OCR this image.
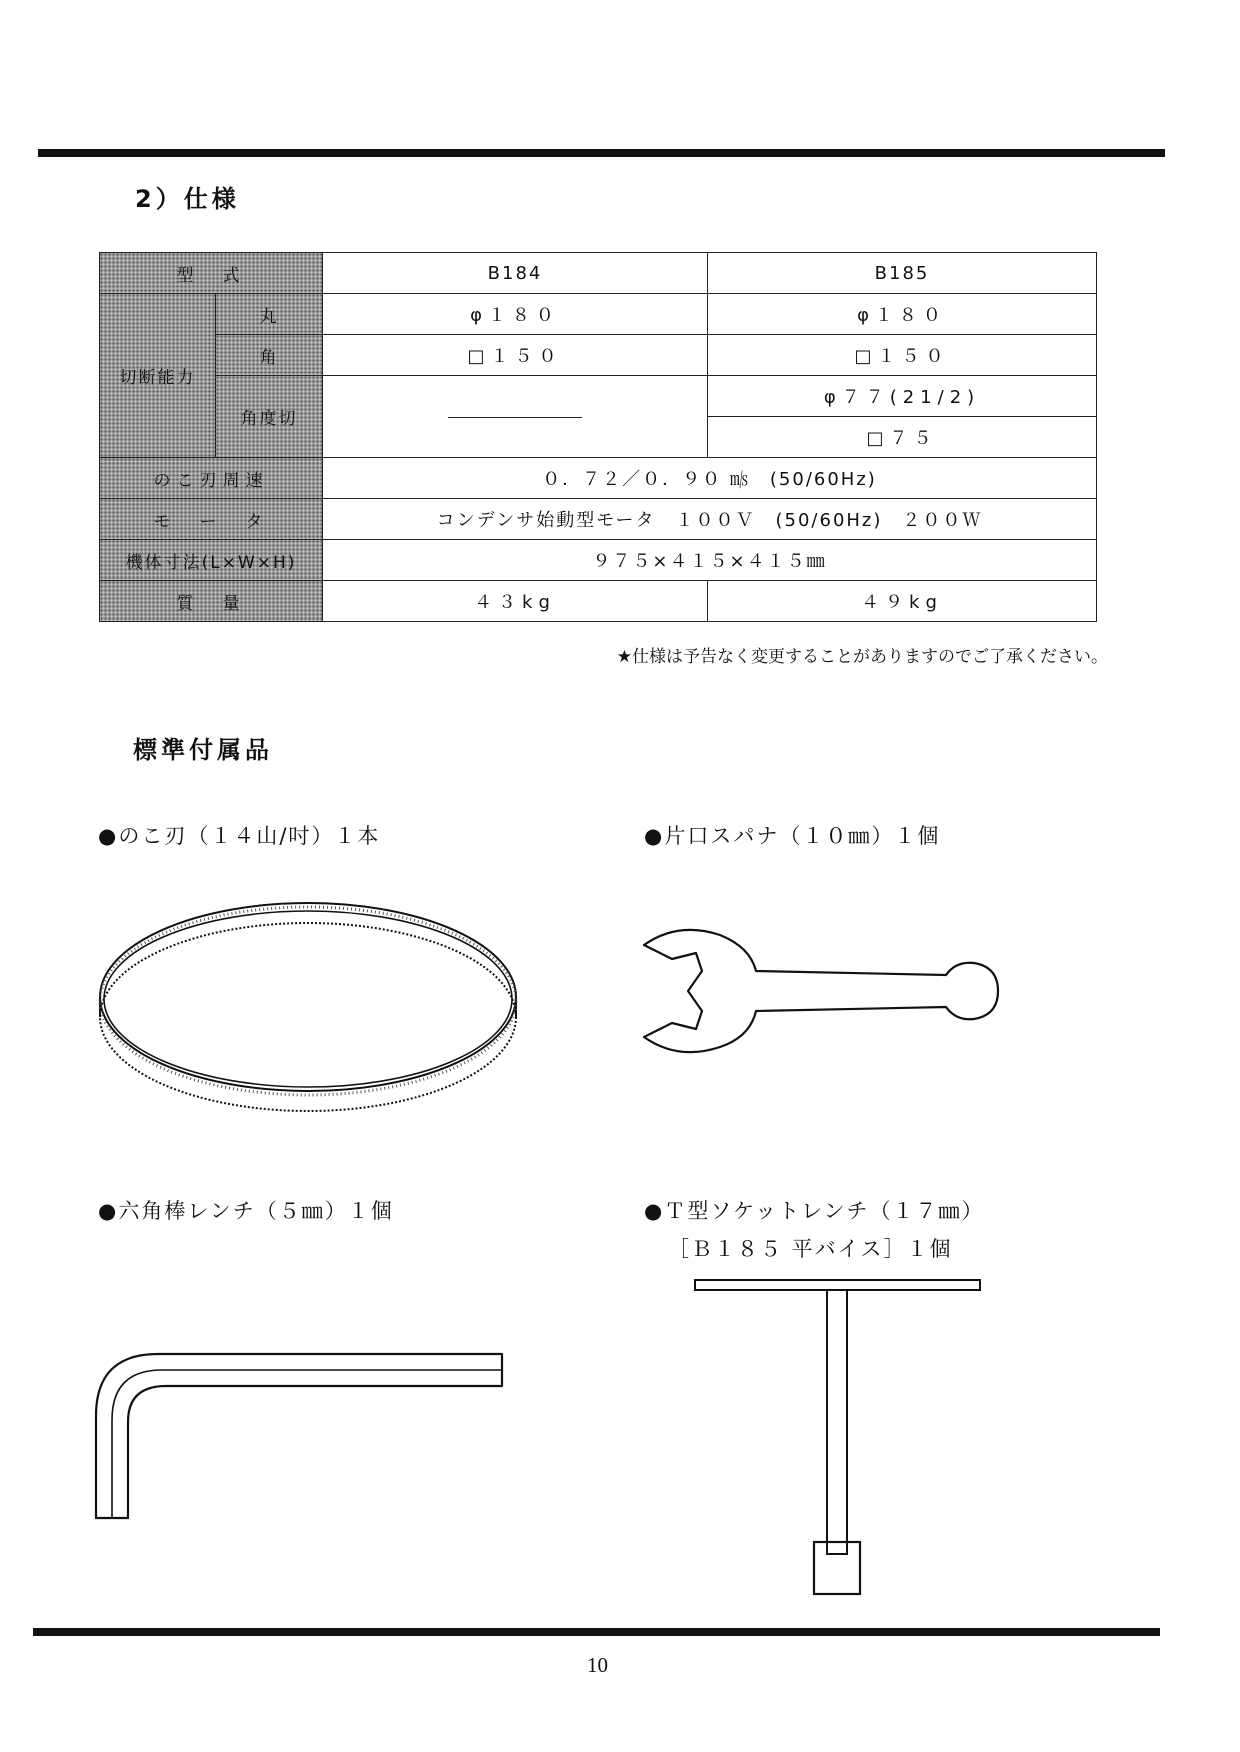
2）仕様
型　式		B184	B185
切断能力	丸	φ１８０	φ１８０
	角	□１５０	□１５０
	角度切		φ７７(21/2)
			□７５
のこ刃周速		０．７２／０．９０ ㎧　(50/60Hz)	
モ　ー　タ		コンデンサ始動型モータ　１００Ｖ　(50/60Hz)　２００Ｗ	
機体寸法(L×W×H)		９７５×４１５×４１５㎜	
質　量		４３kg	４９kg
★仕様は予告なく変更することがありますのでご了承ください。
標準付属品
●のこ刃（１４山/吋）１本	●片口スパナ（１０㎜）１個
●六角棒レンチ（５㎜）１個	●Ｔ型ソケットレンチ（１７㎜）
［Ｂ１８５ 平バイス］１個
10
